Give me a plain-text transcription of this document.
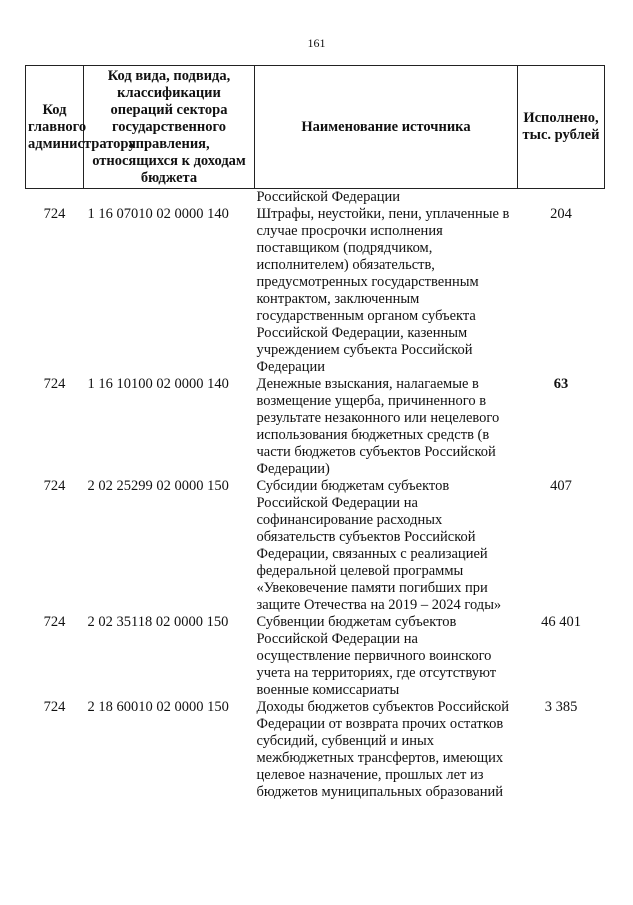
161
Код главного администратора	Код вида, подвида, классификации операций сектора государственного управления, относящихся к доходам бюджета	Наименование источника	Исполнено, тыс. рублей
		Российской Федерации	
724	1 16 07010 02 0000 140	Штрафы, неустойки, пени, уплаченные в случае просрочки исполнения поставщиком (подрядчиком, исполнителем) обязательств, предусмотренных государственным контрактом, заключенным государственным органом субъекта Российской Федерации, казенным учреждением субъекта Российской Федерации	204
724	1 16 10100 02 0000 140	Денежные взыскания, налагаемые в возмещение ущерба, причиненного в результате незаконного или нецелевого использования бюджетных средств (в части бюджетов субъектов Российской Федерации)	63
724	2 02 25299 02 0000 150	Субсидии бюджетам субъектов Российской Федерации на софинансирование расходных обязательств субъектов Российской Федерации, связанных с реализацией федеральной целевой программы «Увековечение памяти погибших при защите Отечества на 2019 – 2024 годы»	407
724	2 02 35118 02 0000 150	Субвенции бюджетам субъектов Российской Федерации на осуществление первичного воинского учета на территориях, где отсутствуют военные комиссариаты	46 401
724	2 18 60010 02 0000 150	Доходы бюджетов субъектов Российской Федерации от возврата прочих остатков субсидий, субвенций и иных межбюджетных трансфертов, имеющих целевое назначение, прошлых лет из бюджетов муниципальных образований	3 385
